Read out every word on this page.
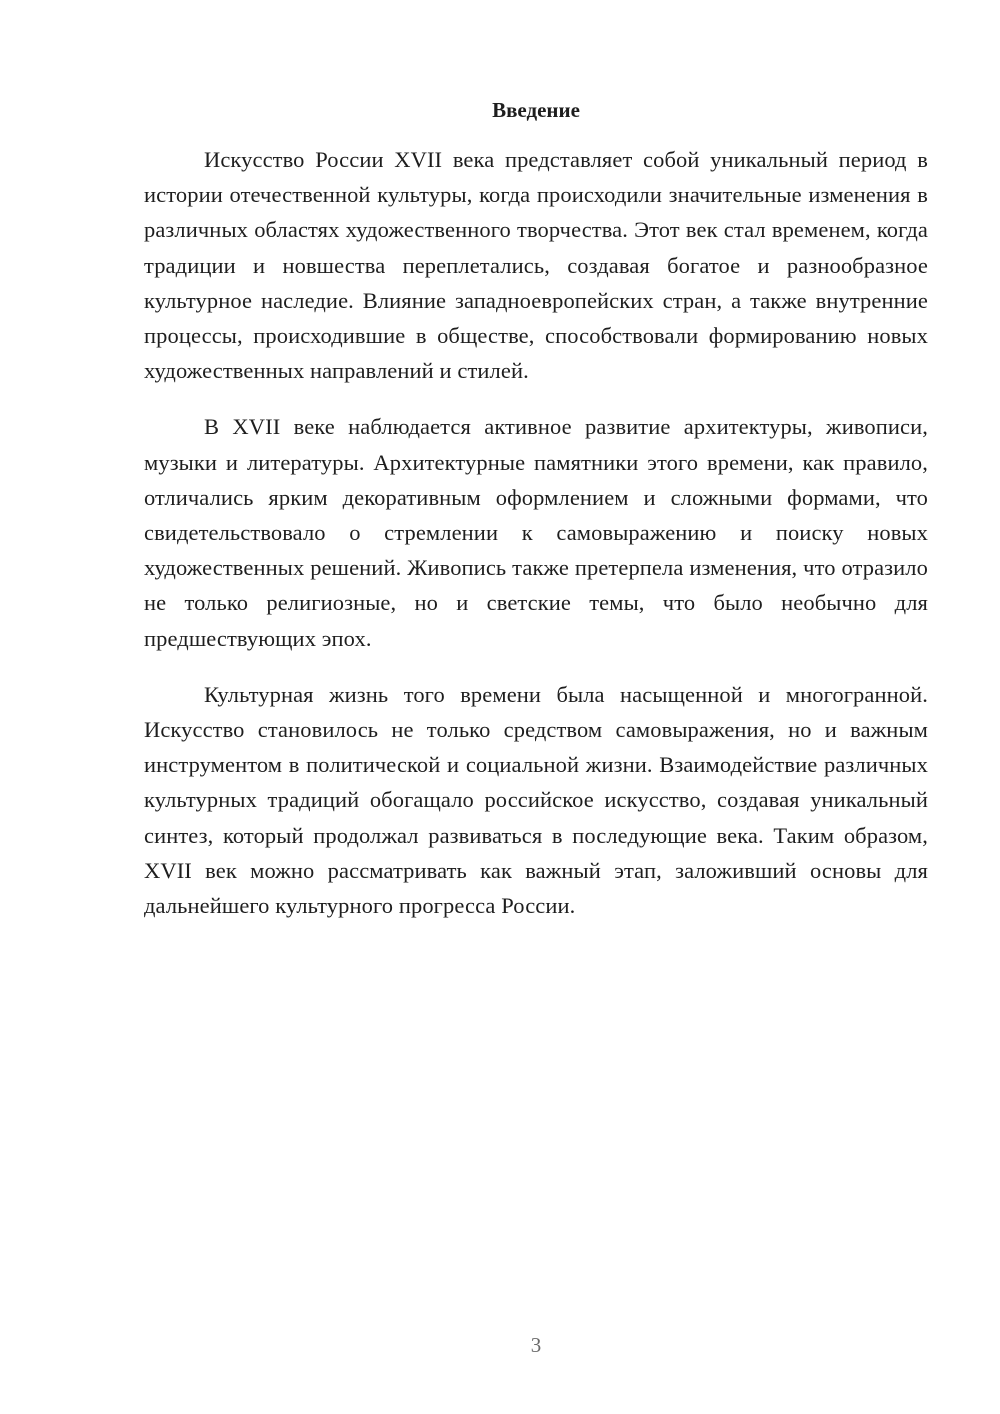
Введение

Искусство России XVII века представляет собой уникальный период в истории отечественной культуры, когда происходили значительные изменения в различных областях художественного творчества. Этот век стал временем, когда традиции и новшества переплетались, создавая богатое и разнообразное культурное наследие. Влияние западноевропейских стран, а также внутренние процессы, происходившие в обществе, способствовали формированию новых художественных направлений и стилей.

В XVII веке наблюдается активное развитие архитектуры, живописи, музыки и литературы. Архитектурные памятники этого времени, как правило, отличались ярким декоративным оформлением и сложными формами, что свидетельствовало о стремлении к самовыражению и поиску новых художественных решений. Живопись также претерпела изменения, что отразило не только религиозные, но и светские темы, что было необычно для предшествующих эпох.

Культурная жизнь того времени была насыщенной и многогранной. Искусство становилось не только средством самовыражения, но и важным инструментом в политической и социальной жизни. Взаимодействие различных культурных традиций обогащало российское искусство, создавая уникальный синтез, который продолжал развиваться в последующие века. Таким образом, XVII век можно рассматривать как важный этап, заложивший основы для дальнейшего культурного прогресса России.

3
